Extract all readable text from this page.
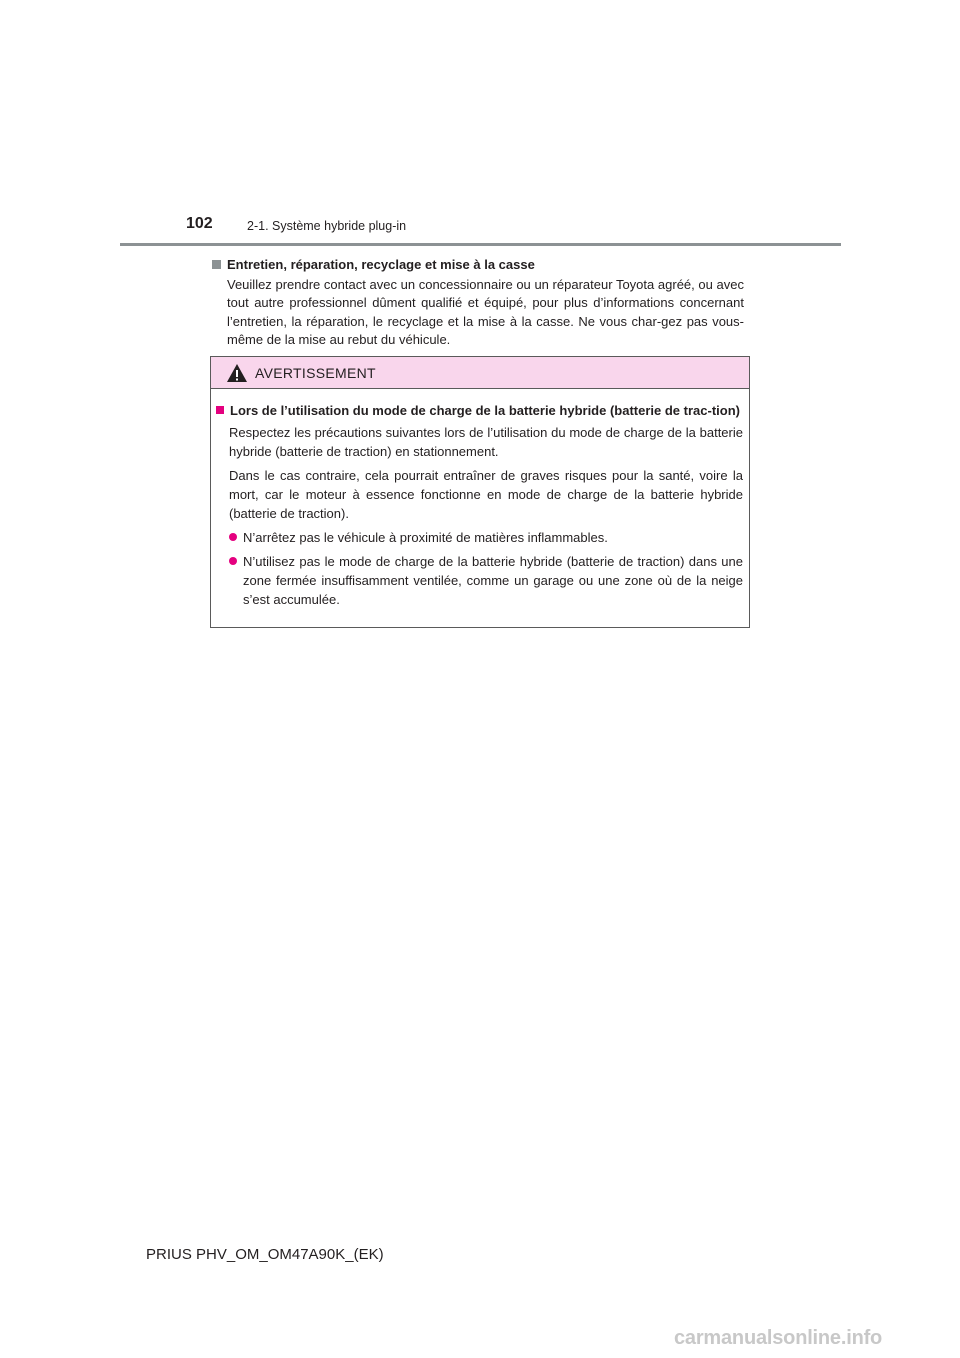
102	2-1. Système hybride plug-in
Entretien, réparation, recyclage et mise à la casse
Veuillez prendre contact avec un concessionnaire ou un réparateur Toyota agréé, ou avec tout autre professionnel dûment qualifié et équipé, pour plus d’informations concernant l’entretien, la réparation, le recyclage et la mise à la casse. Ne vous char-gez pas vous-même de la mise au rebut du véhicule.
AVERTISSEMENT
Lors de l’utilisation du mode de charge de la batterie hybride (batterie de trac-tion)
Respectez les précautions suivantes lors de l’utilisation du mode de charge de la batterie hybride (batterie de traction) en stationnement.
Dans le cas contraire, cela pourrait entraîner de graves risques pour la santé, voire la mort, car le moteur à essence fonctionne en mode de charge de la batterie hybride (batterie de traction).
N’arrêtez pas le véhicule à proximité de matières inflammables.
N’utilisez pas le mode de charge de la batterie hybride (batterie de traction) dans une zone fermée insuffisamment ventilée, comme un garage ou une zone où de la neige s’est accumulée.
PRIUS PHV_OM_OM47A90K_(EK)
carmanualsonline.info
